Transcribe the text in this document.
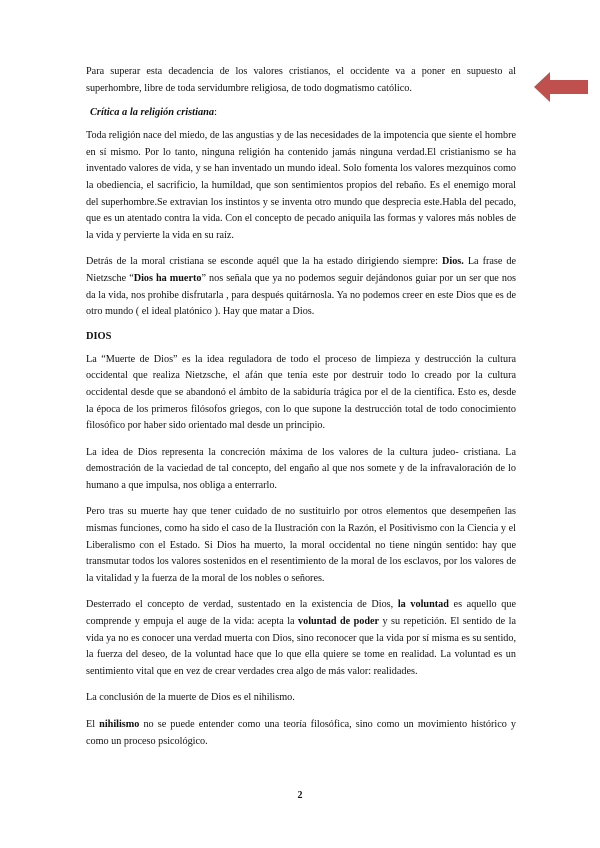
Para superar esta decadencia de los valores cristianos, el occidente va a poner en supuesto al superhombre, libre de toda servidumbre religiosa, de todo dogmatismo católico.

Crítica a la religión cristiana:

Toda religión nace del miedo, de las angustias y de las necesidades de la impotencia que siente el hombre en sí mismo. Por lo tanto, ninguna religión ha contenido jamás ninguna verdad.El cristianismo se ha inventado valores de vida, y se han inventado un mundo ideal. Solo fomenta los valores mezquinos como la obediencia, el sacrificio, la humildad, que son sentimientos propios del rebaño. Es el enemigo moral del superhombre.Se extravian los instintos y se inventa otro mundo que desprecia este.Habla del pecado, que es un atentado contra la vida. Con el concepto de pecado aniquila las formas y valores más nobles de la vida y pervierte la vida en su raíz.

Detrás de la moral cristiana se esconde aquél que la ha estado dirigiendo siempre: Dios. La frase de Nietzsche “Dios ha muerto” nos señala que ya no podemos seguir dejándonos guiar por un ser que nos da la vida, nos prohibe disfrutarla , para después quitárnosla. Ya no podemos creer en este Dios que es de otro mundo ( el ideal platónico ). Hay que matar a Dios.

DIOS

La “Muerte de Dios” es la idea reguladora de todo el proceso de limpieza y destrucción la cultura occidental que realiza Nietzsche, el afán que tenía este por destruir todo lo creado por la cultura occidental desde que se abandonó el ámbito de la sabiduría trágica por el de la científica. Esto es, desde la época de los primeros filósofos griegos, con lo que supone la destrucción total de todo conocimiento filosófico por haber sido orientado mal desde un principio.

La idea de Dios representa la concreción máxima de los valores de la cultura judeo- cristiana. La demostración de la vaciedad de tal concepto, del engaño al que nos somete y de la infravaloración de lo humano a que impulsa, nos obliga a enterrarlo.

Pero tras su muerte hay que tener cuidado de no sustituirlo por otros elementos que desempeñen las mismas funciones, como ha sido el caso de la Ilustración con la Razón, el Positivismo con la Ciencia y el Liberalismo con el Estado. Si Dios ha muerto, la moral occidental no tiene ningún sentido: hay que transmutar todos los valores sostenidos en el resentimiento de la moral de los esclavos, por los valores de la vitalidad y la fuerza de la moral de los nobles o señores.

Desterrado el concepto de verdad, sustentado en la existencia de Dios, la voluntad es aquello que comprende y empuja el auge de la vida: acepta la voluntad de poder y su repetición. El sentido de la vida ya no es conocer una verdad muerta con Dios, sino reconocer que la vida por sí misma es su sentido, la fuerza del deseo, de la voluntad hace que lo que ella quiere se tome en realidad. La voluntad es un sentimiento vital que en vez de crear verdades crea algo de más valor: realidades.

La conclusión de la muerte de Dios es el nihilismo.

El nihilismo no se puede entender como una teoría filosófica, sino como un movimiento histórico y como un proceso psicológico.

2
